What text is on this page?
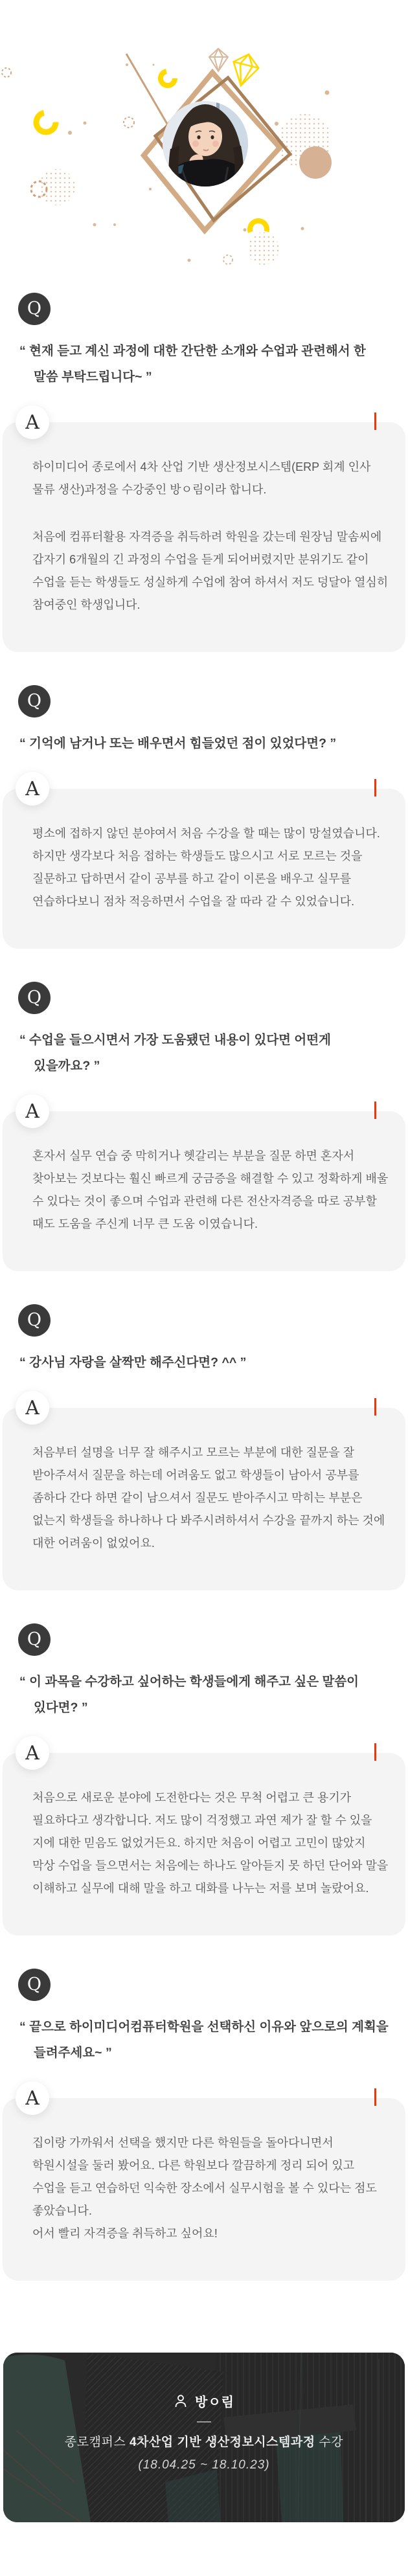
Q

“ 현재 듣고 계신 과정에 대한 간단한 소개와 수업과 관련해서 한 말씀 부탁드립니다~ ”

A

하이미디어 종로에서 4차 산업 기반 생산정보시스템(ERP 회계 인사 물류 생산)과정을 수강중인 방ㅇ림이라 합니다.

처음에 컴퓨터활용 자격증을 취득하려 학원을 갔는데 원장님 말솜씨에 갑자기 6개월의 긴 과정의 수업을 듣게 되어버렸지만 분위기도 같이 수업을 듣는 학생들도 성실하게 수업에 참여 하셔서 저도 덩달아 열심히 참여중인 학생입니다.

Q

“ 기억에 남거나 또는 배우면서 힘들었던 점이 있었다면? ”

A

평소에 접하지 않던 분야여서 처음 수강을 할 때는 많이 망설였습니다. 하지만 생각보다 처음 접하는 학생들도 많으시고 서로 모르는 것을 질문하고 답하면서 같이 공부를 하고 같이 이론을 배우고 실무를 연습하다보니 점차 적응하면서 수업을 잘 따라 갈 수 있었습니다.

Q

“ 수업을 들으시면서 가장 도움됐던 내용이 있다면 어떤게 있을까요? ”

A

혼자서 실무 연습 중 막히거나 헷갈리는 부분을 질문 하면 혼자서 찾아보는 것보다는 훨신 빠르게 궁금증을 해결할 수 있고 정확하게 배울 수 있다는 것이 좋으며 수업과 관련해 다른 전산자격증을 따로 공부할 때도 도움을 주신게 너무 큰 도움 이였습니다.

Q

“ 강사님 자랑을 살짝만 해주신다면? ^^ ”

A

처음부터 설명을 너무 잘 해주시고 모르는 부분에 대한 질문을 잘 받아주셔서 질문을 하는데 어려움도 없고 학생들이 남아서 공부를 좀하다 간다 하면 같이 남으셔서 질문도 받아주시고 막히는 부분은 없는지 학생들을 하나하나 다 봐주시려하셔서 수강을 끝까지 하는 것에 대한 어려움이 없었어요.

Q

“ 이 과목을 수강하고 싶어하는 학생들에게 해주고 싶은 말씀이 있다면? ”

A

처음으로 새로운 분야에 도전한다는 것은 무척 어렵고 큰 용기가 필요하다고 생각합니다. 저도 많이 걱정했고 과연 제가 잘 할 수 있을 지에 대한 믿음도 없었거든요. 하지만 처음이 어렵고 고민이 많았지 막상 수업을 들으면서는 처음에는 하나도 알아듣지 못 하던 단어와 말을 이해하고 실무에 대해 말을 하고 대화를 나누는 저를 보며 놀랐어요.

Q

“ 끝으로 하이미디어컴퓨터학원을 선택하신 이유와 앞으로의 계획을 들려주세요~ ”

A

집이랑 가까워서 선택을 했지만 다른 학원들을 돌아다니면서 학원시설을 둘러 봤어요. 다른 학원보다 깔끔하게 정리 되어 있고 수업을 듣고 연습하던 익숙한 장소에서 실무시험을 볼 수 있다는 점도 좋았습니다.

어서 빨리 자격증을 취득하고 싶어요!

방ㅇ림
종로캠퍼스 4차산업 기반 생산정보시스템과정 수강
(18.04.25 ~ 18.10.23)
